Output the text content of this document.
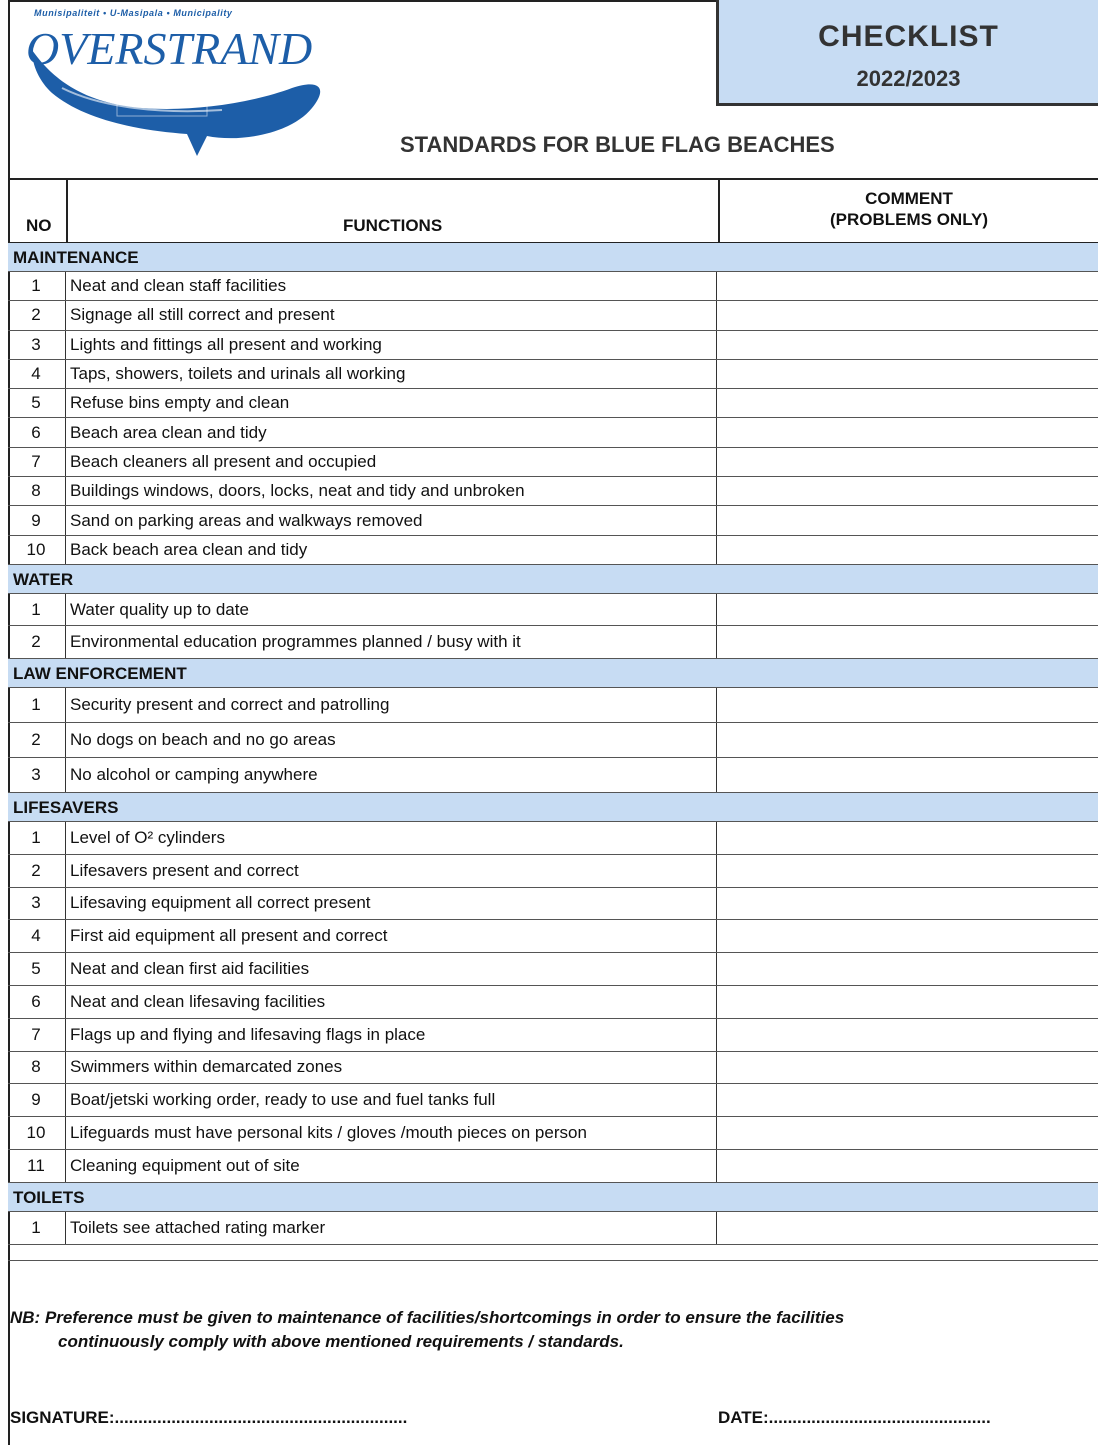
Munisipaliteit • U-Masipala • Municipality
OVERSTRAND	CHECKLIST
2022/2023
STANDARDS FOR BLUE FLAG BEACHES
NO	FUNCTIONS
COMMENT
(PROBLEMS ONLY)
MAINTENANCE
1	Neat and clean staff facilities
2	Signage all still correct and present
3	Lights and fittings all present and working
4	Taps, showers, toilets and urinals all working
5	Refuse bins empty and clean
6	Beach area clean and tidy
7	Beach cleaners all present and occupied
8	Buildings windows, doors, locks, neat and tidy and unbroken
9	Sand on parking areas and walkways removed
10	Back beach area clean and tidy
WATER
1	Water quality up to date
2	Environmental education programmes planned / busy with it
LAW ENFORCEMENT
1	Security present and correct and patrolling
2	No dogs on beach and no go areas
3	No alcohol or camping anywhere
LIFESAVERS
1	Level of O² cylinders
2	Lifesavers present and correct
3	Lifesaving equipment all correct present
4	First aid equipment all present and correct
5	Neat and clean first aid facilities
6	Neat and clean lifesaving facilities
7	Flags up and flying and lifesaving flags in place
8	Swimmers within demarcated zones
9	Boat/jetski working order, ready to use and fuel tanks full
10	Lifeguards must have personal kits / gloves /mouth pieces on person
11	Cleaning equipment out of site
TOILETS
1	Toilets see attached rating marker
NB: Preference must be given to maintenance of facilities/shortcomings in order to ensure the facilities
continuously comply with above mentioned requirements / standards.
SIGNATURE:..............................................................	DATE:...............................................
